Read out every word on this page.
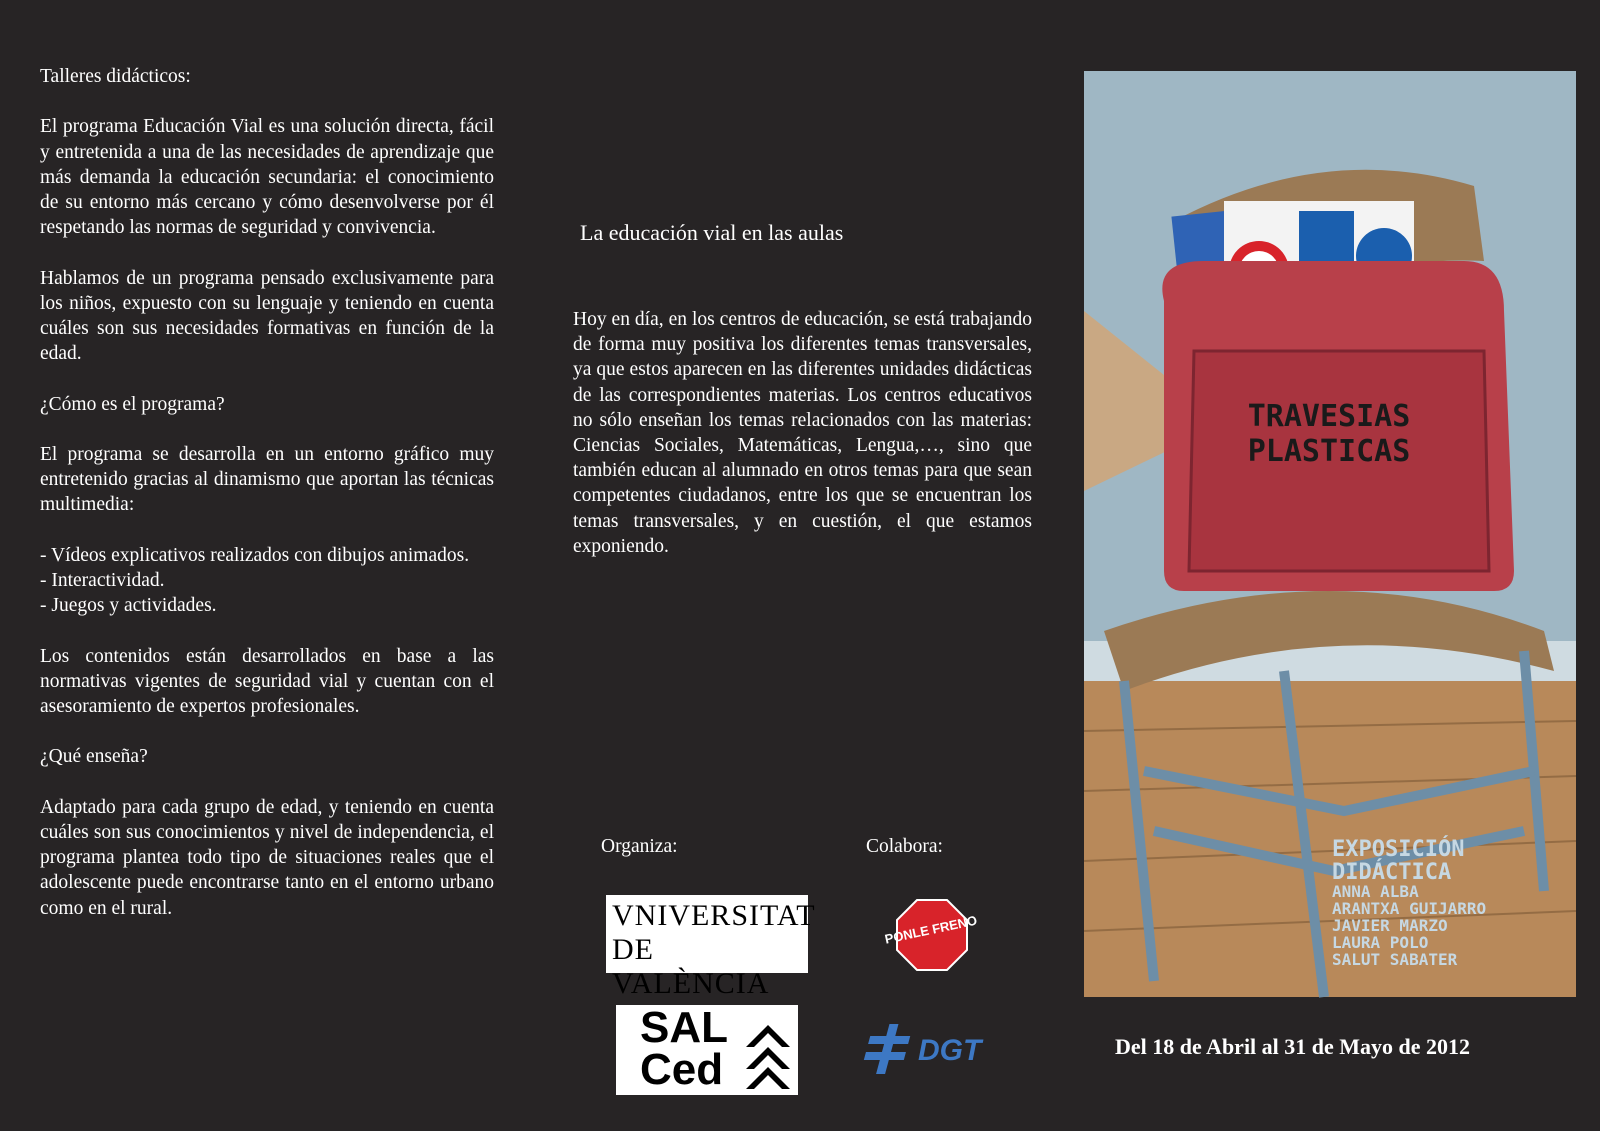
Talleres didácticos:

El programa Educación Vial es una solución directa, fácil y entretenida a una de las necesidades de aprendizaje que más demanda la educación secundaria: el conocimiento de su entorno más cercano y cómo desenvolverse por él respetando las normas de seguridad y convivencia.

Hablamos de un programa pensado exclusivamente para los niños, expuesto con su lenguaje y teniendo en cuenta cuáles son sus necesidades formativas en función de la edad.

¿Cómo es el programa?

El programa se desarrolla en un entorno gráfico muy entretenido gracias al dinamismo que aportan las técnicas multimedia:

- Vídeos explicativos realizados con dibujos animados.
- Interactividad.
- Juegos y actividades.

Los contenidos están desarrollados en base a las normativas vigentes de seguridad vial y cuentan con el asesoramiento de expertos profesionales.

¿Qué enseña?

Adaptado para cada grupo de edad, y teniendo en cuenta cuáles son sus conocimientos y nivel de independencia, el programa plantea todo tipo de situaciones reales que el adolescente puede encontrarse tanto en el entorno urbano como en el rural.

La educación vial en las aulas

Hoy en día, en los centros de educación, se está trabajando de forma muy positiva los diferentes temas transversales, ya que estos aparecen en las diferentes unidades didácticas de las correspondientes materias. Los centros educativos no sólo enseñan los temas relacionados con las materias: Ciencias Sociales, Matemáticas, Lengua,…, sino que también educan al alumnado en otros temas para que sean competentes ciudadanos, entre los que se encuentran los temas transversales, y en cuestión, el que estamos exponiendo.

Organiza:	Colabora:
VNIVERSITAT
DE VALÈNCIA
SAL
Ced
PONLE FRENO
DGT
TRAVESIAS
PLASTICAS
EXPOSICIÓN
DIDÁCTICA
ANNA ALBA
ARANTXA GUIJARRO
JAVIER MARZO
LAURA POLO
SALUT SABATER
Del 18 de Abril al 31 de Mayo de 2012
